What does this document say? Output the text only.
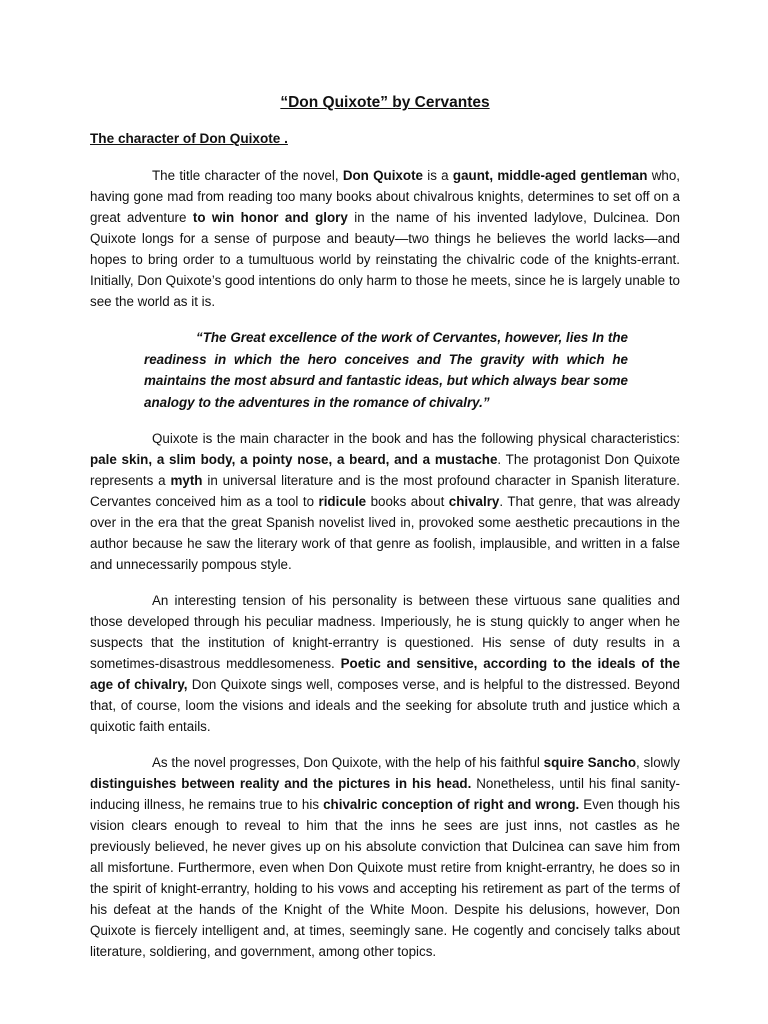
“Don Quixote” by Cervantes
The character of Don Quixote .

The title character of the novel, Don Quixote is a gaunt, middle-aged gentleman who, having gone mad from reading too many books about chivalrous knights, determines to set off on a great adventure to win honor and glory in the name of his invented ladylove, Dulcinea. Don Quixote longs for a sense of purpose and beauty—two things he believes the world lacks—and hopes to bring order to a tumultuous world by reinstating the chivalric code of the knights-errant. Initially, Don Quixote’s good intentions do only harm to those he meets, since he is largely unable to see the world as it is.

“The Great excellence of the work of Cervantes, however, lies In the readiness in which the hero conceives and The gravity with which he maintains the most absurd and fantastic ideas, but which always bear some analogy to the adventures in the romance of chivalry.”

Quixote is the main character in the book and has the following physical characteristics: pale skin, a slim body, a pointy nose, a beard, and a mustache. The protagonist Don Quixote represents a myth in universal literature and is the most profound character in Spanish literature. Cervantes conceived him as a tool to ridicule books about chivalry. That genre, that was already over in the era that the great Spanish novelist lived in, provoked some aesthetic precautions in the author because he saw the literary work of that genre as foolish, implausible, and written in a false and unnecessarily pompous style.

An interesting tension of his personality is between these virtuous sane qualities and those developed through his peculiar madness. Imperiously, he is stung quickly to anger when he suspects that the institution of knight-errantry is questioned. His sense of duty results in a sometimes-disastrous meddlesomeness. Poetic and sensitive, according to the ideals of the age of chivalry, Don Quixote sings well, composes verse, and is helpful to the distressed. Beyond that, of course, loom the visions and ideals and the seeking for absolute truth and justice which a quixotic faith entails.

As the novel progresses, Don Quixote, with the help of his faithful squire Sancho, slowly distinguishes between reality and the pictures in his head. Nonetheless, until his final sanity-inducing illness, he remains true to his chivalric conception of right and wrong. Even though his vision clears enough to reveal to him that the inns he sees are just inns, not castles as he previously believed, he never gives up on his absolute conviction that Dulcinea can save him from all misfortune. Furthermore, even when Don Quixote must retire from knight-errantry, he does so in the spirit of knight-errantry, holding to his vows and accepting his retirement as part of the terms of his defeat at the hands of the Knight of the White Moon. Despite his delusions, however, Don Quixote is fiercely intelligent and, at times, seemingly sane. He cogently and concisely talks about literature, soldiering, and government, among other topics.
